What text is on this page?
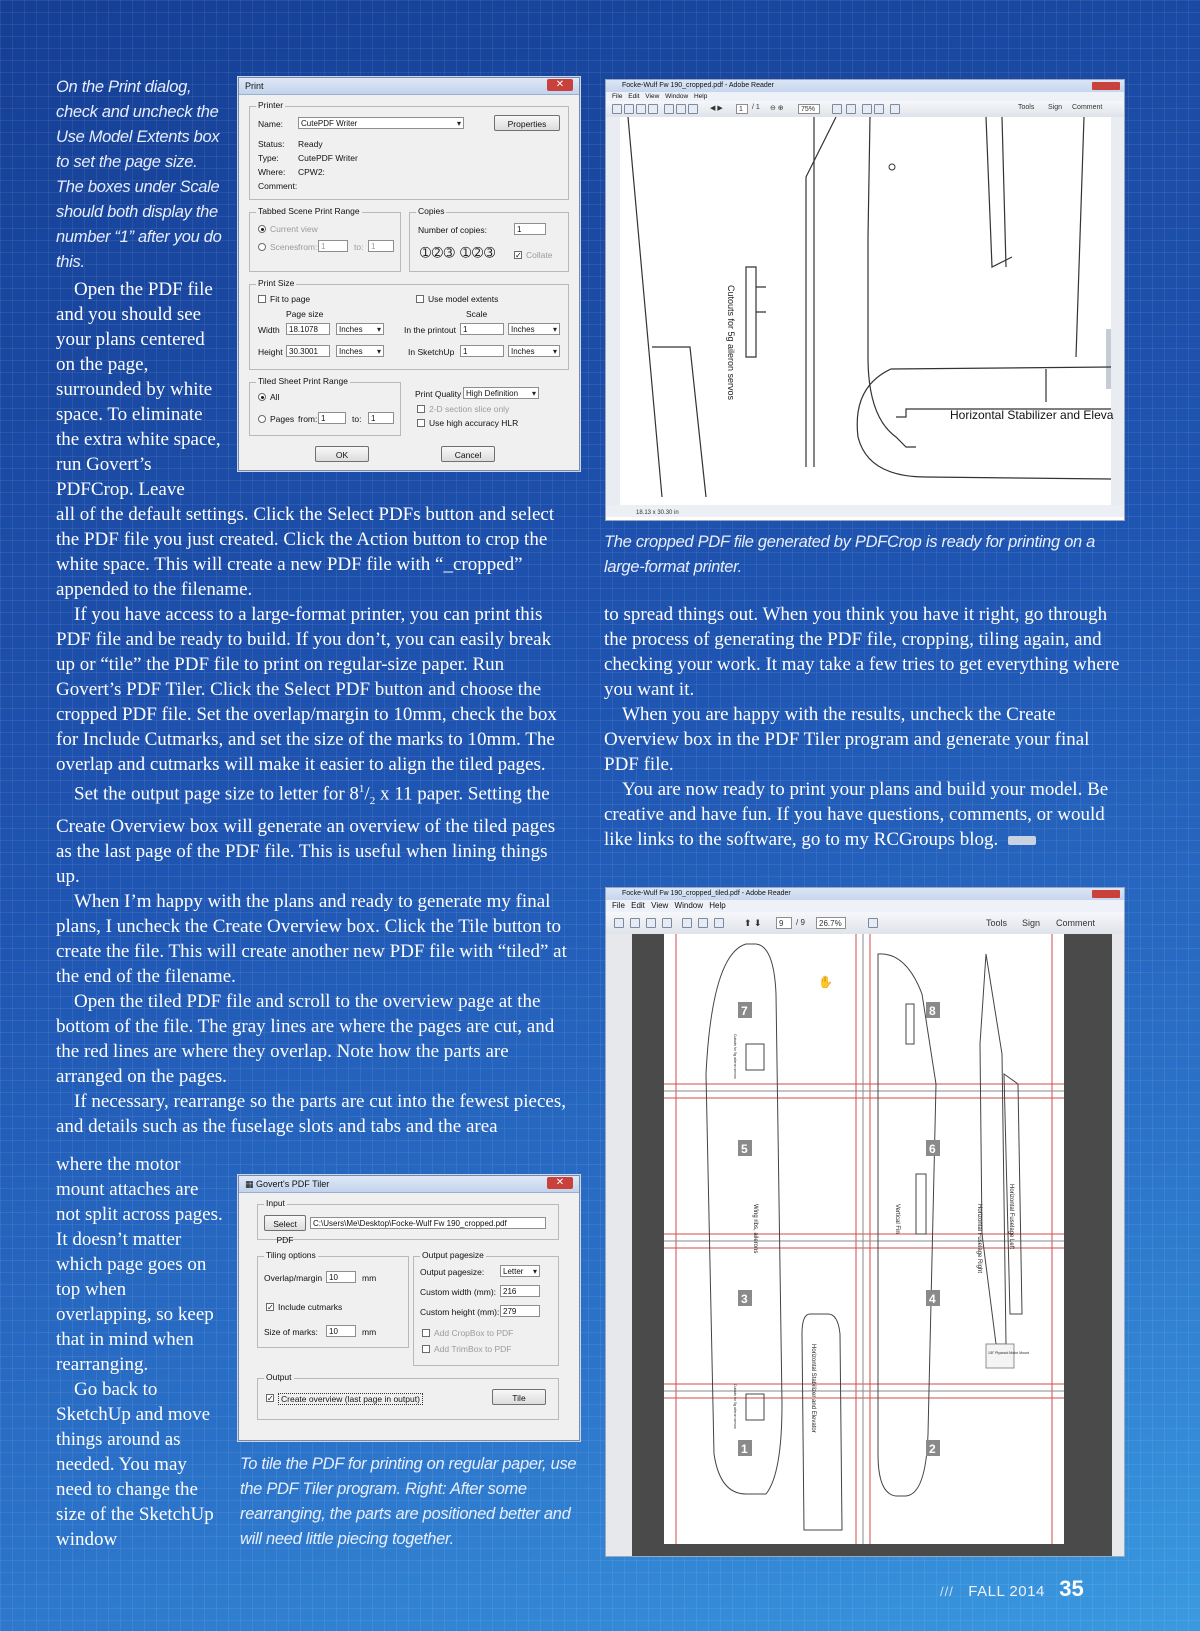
On the Print dialog, check and uncheck the Use Model Extents box to set the page size. The boxes under Scale should both display the number “1” after you do this.

Open the PDF file and you should see your plans centered on the page, surrounded by white space. To eliminate the extra white space, run Govert’s PDFCrop. Leave

all of the default settings. Click the Select PDFs button and select the PDF file you just created. Click the Action button to crop the white space. This will create a new PDF file with “_cropped” appended to the filename.

If you have access to a large-format printer, you can print this PDF file and be ready to build. If you don’t, you can easily break up or “tile” the PDF file to print on regular-size paper. Run Govert’s PDF Tiler. Click the Select PDF button and choose the cropped PDF file. Set the overlap/margin to 10mm, check the box for Include Cutmarks, and set the size of the marks to 10mm. The overlap and cutmarks will make it easier to align the tiled pages.

Set the output page size to letter for $8^1/_2$ x 11 paper. Setting the Create Overview box will generate an overview of the tiled pages as the last page of the PDF file. This is useful when lining things up.

When I’m happy with the plans and ready to generate my final plans, I uncheck the Create Overview box. Click the Tile button to create the file. This will create another new PDF file with “tiled” at the end of the filename.

Open the tiled PDF file and scroll to the overview page at the bottom of the file. The gray lines are where the pages are cut, and the red lines are where they overlap. Note how the parts are arranged on the pages.

If necessary, rearrange so the parts are cut into the fewest pieces, and details such as the fuselage slots and tabs and the area

where the motor mount attaches are not split across pages. It doesn’t matter which page goes on top when overlapping, so keep that in mind when rearranging.

Go back to SketchUp and move things around as needed. You may need to change the size of the SketchUp window

Print	✕
Printer
Name:	CutePDF Writer ▾	Properties
Status: Ready
Type: CutePDF Writer
Where: CPW2:
Comment:
Tabbed Scene Print Range
Current view
Scenes from: 1	to: 1
Copies
Number of copies:	1
➀➁➂ ➀➁➂ ✓ Collate
Print Size
Fit to page	Use model extents
Page size	Scale
Width	18.1078	Inches ▾
Height 30.3001	Inches ▾
In the printout 1	Inches ▾
In SketchUp	1	Inches ▾
Tiled Sheet Print Range
All
Pages from: 1	to:	1
Print Quality High Definition ▾
2-D section slice only
Use high accuracy HLR
OK	Cancel
Focke-Wulf Fw 190_cropped.pdf - Adobe Reader
File Edit View Window Help
◀ ▶	1	/ 1 ⊖ ⊕	75%	Tools Sign Comment
Cutouts for 5g aileron servos
Horizontal Stabilizer and Eleva
18.13 x 30.30 in
The cropped PDF file generated by PDFCrop is ready for printing on a large-format printer.

to spread things out. When you think you have it right, go through the process of generating the PDF file, cropping, tiling again, and checking your work. It may take a few tries to get everything where you want it.

When you are happy with the results, uncheck the Create Overview box in the PDF Tiler program and generate your final PDF file.

You are now ready to print your plans and build your model. Be creative and have fun. If you have questions, comments, or would like links to the software, go to my RCGroups blog.

▦ Govert's PDF Tiler	✕
Input
Select PDF
C:\Users\Me\Desktop\Focke-Wulf Fw 190_cropped.pdf
Tiling options
Overlap/margin 10	mm
✓ Include cutmarks
Size of marks:	10	mm
Output pagesize
Output pagesize:	Letter ▾
Custom width (mm): 216
Custom height (mm): 279
Add CropBox to PDF
Add TrimBox to PDF
Output
✓ Create overview (last page in output)	Tile
To tile the PDF for printing on regular paper, use the PDF Tiler program. Right: After some rearranging, the parts are positioned better and will need little piecing together.
Focke-Wulf Fw 190_cropped_tiled.pdf - Adobe Reader
File Edit View Window Help
⬆ ⬇	9	/ 9	26.7%	Tools Sign Comment
1/8" Plywood Motor Mount
7	8
5	6
3	4
1	2
Horizontal Stabilizer and Elevator
Wing ribs, ailerons	Vertical Fin	Horizontal Fuselage Right	Horizontal Fuselage Left
Cutouts for 5g aileron servos
Cutouts for 5g aileron servos
✋
/// FALL 2014 35
